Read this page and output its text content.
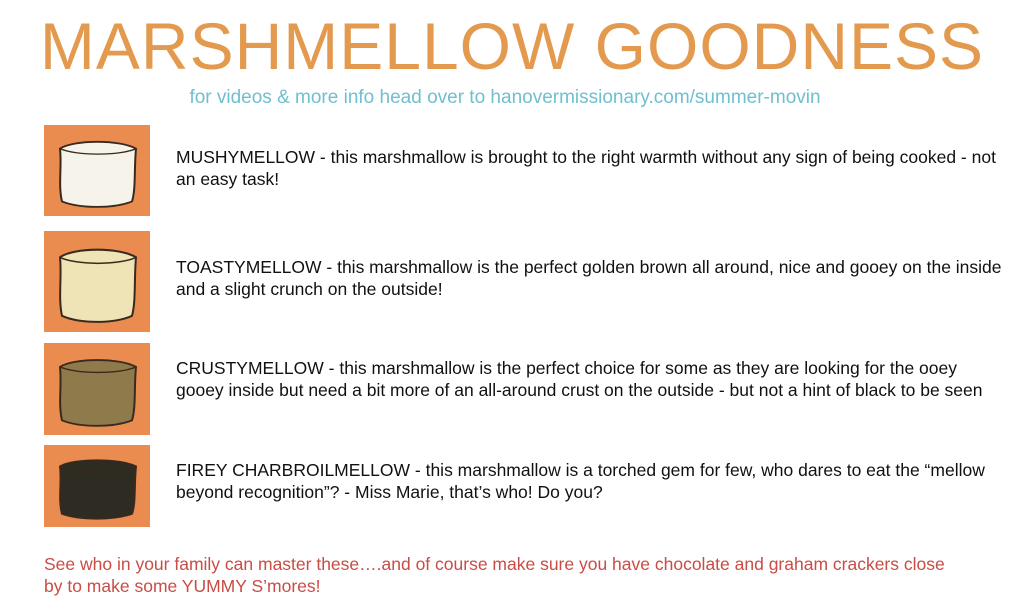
MARSHMELLOW GOODNESS
for videos & more info head over to hanovermissionary.com/summer-movin
MUSHYMELLOW - this marshmallow is brought to the right warmth without any sign of being cooked - not an easy task!
TOASTYMELLOW - this marshmallow is the perfect golden brown all around, nice and gooey on the inside and a slight crunch on the outside!
CRUSTYMELLOW - this marshmallow is the perfect choice for some as they are looking for the ooey gooey inside but need a bit more of an all-around crust on the outside - but not a hint of black to be seen
FIREY CHARBROILMELLOW - this marshmallow is a torched gem for few, who dares to eat the “mellow beyond recognition”? - Miss Marie, that’s who! Do you?
See who in your family can master these….and of course make sure you have chocolate and graham crackers close by to make some YUMMY S’mores!
